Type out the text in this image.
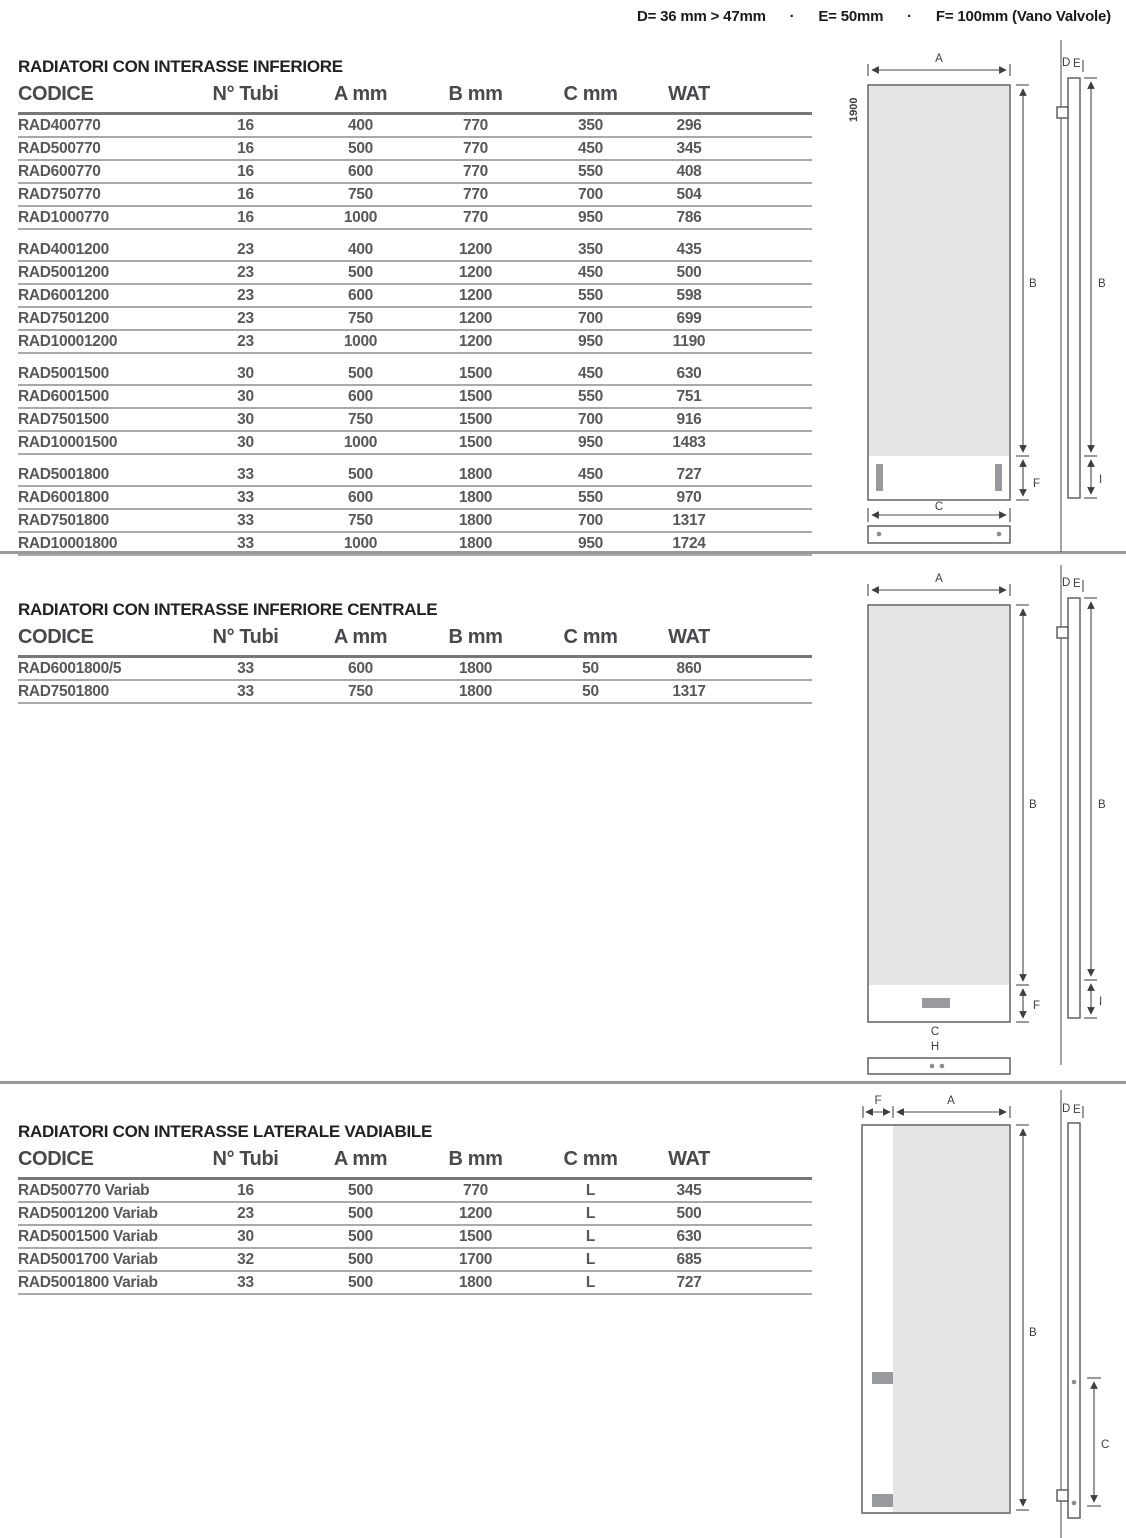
D= 36 mm > 47mm · E= 50mm · F= 100mm (Vano Valvole)
RADIATORI CON INTERASSE INFERIORE
CODICE	N° Tubi	A mm	B mm	C mm	WAT	
RAD400770	16	400	770	350	296	
RAD500770	16	500	770	450	345	
RAD600770	16	600	770	550	408	
RAD750770	16	750	770	700	504	
RAD1000770	16	1000	770	950	786	
RAD4001200	23	400	1200	350	435	
RAD5001200	23	500	1200	450	500	
RAD6001200	23	600	1200	550	598	
RAD7501200	23	750	1200	700	699	
RAD10001200	23	1000	1200	950	1190	
RAD5001500	30	500	1500	450	630	
RAD6001500	30	600	1500	550	751	
RAD7501500	30	750	1500	700	916	
RAD10001500	30	1000	1500	950	1483	
RAD5001800	33	500	1800	450	727	
RAD6001800	33	600	1800	550	970	
RAD7501800	33	750	1800	700	1317	
RAD10001800	33	1000	1800	950	1724	
RADIATORI CON INTERASSE INFERIORE CENTRALE
CODICE	N° Tubi	A mm	B mm	C mm	WAT	
RAD6001800/5	33	600	1800	50	860	
RAD7501800	33	750	1800	50	1317	
RADIATORI CON INTERASSE LATERALE VADIABILE
CODICE	N° Tubi	A mm	B mm	C mm	WAT	
RAD500770 Variab	16	500	770	L	345	
RAD5001200 Variab	23	500	1200	L	500	
RAD5001500 Variab	30	500	1500	L	630	
RAD5001700 Variab	32	500	1700	L	685	
RAD5001800 Variab	33	500	1800	L	727	
A
1900
B
F
C
D E
B
I
A
B
F
C
H
D E
B
I
F	A
B
D E
C
